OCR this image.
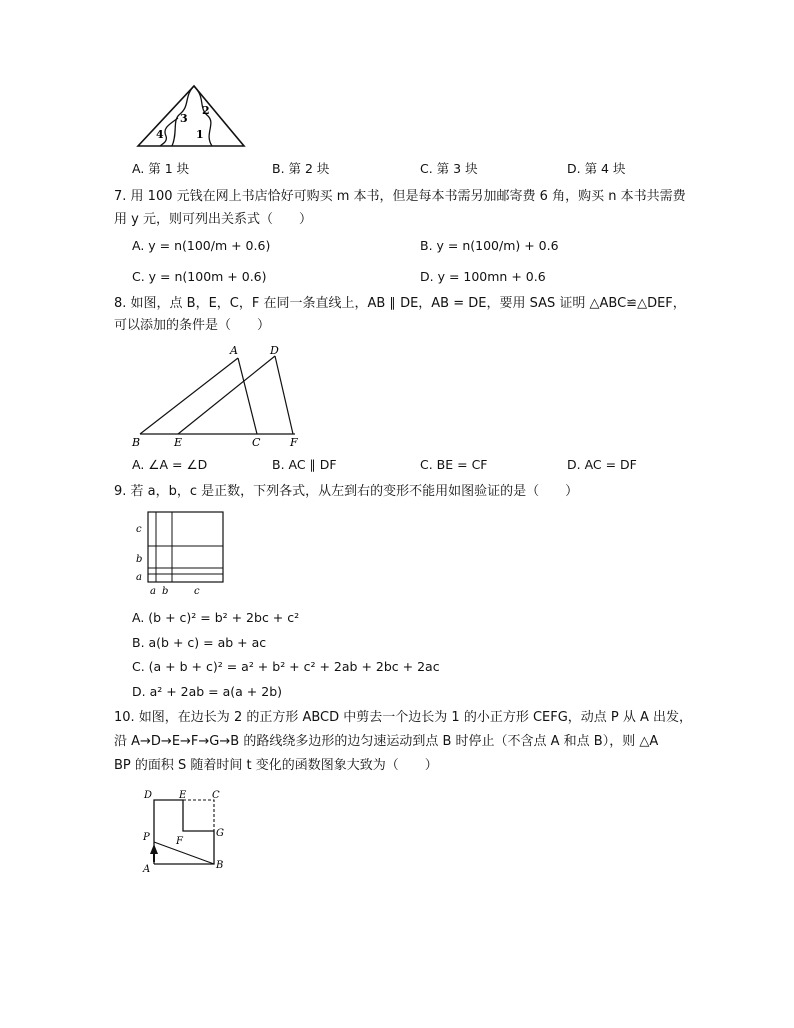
2
3
4	1
A. 第 1 块	B. 第 2 块	C. 第 3 块	D. 第 4 块
7. 用 100 元钱在网上书店恰好可购买 m 本书，但是每本书需另加邮寄费 6 角，购买 n 本书共需费
用 y 元，则可列出关系式（　　）
A. y = n(100/m + 0.6)	B. y = n(100/m) + 0.6
C. y = n(100m + 0.6)	D. y = 100mn + 0.6
8. 如图，点 B，E，C，F 在同一条直线上，AB ∥ DE，AB = DE，要用 SAS 证明 △ABC≌△DEF，
可以添加的条件是（　　）
A	D
B	E	C	F
A. ∠A = ∠D	B. AC ∥ DF	C. BE = CF	D. AC = DF
9. 若 a，b，c 是正数，下列各式，从左到右的变形不能用如图验证的是（　　）
c
b
a
a b	c
A. (b + c)² = b² + 2bc + c²
B. a(b + c) = ab + ac
C. (a + b + c)² = a² + b² + c² + 2ab + 2bc + 2ac
D. a² + 2ab = a(a + 2b)
10. 如图，在边长为 2 的正方形 ABCD 中剪去一个边长为 1 的小正方形 CEFG，动点 P 从 A 出发，
沿 A→D→E→F→G→B 的路线绕多边形的边匀速运动到点 B 时停止（不含点 A 和点 B），则 △A
BP 的面积 S 随着时间 t 变化的函数图象大致为（　　）
D	E	C
P	F
G
A	B
